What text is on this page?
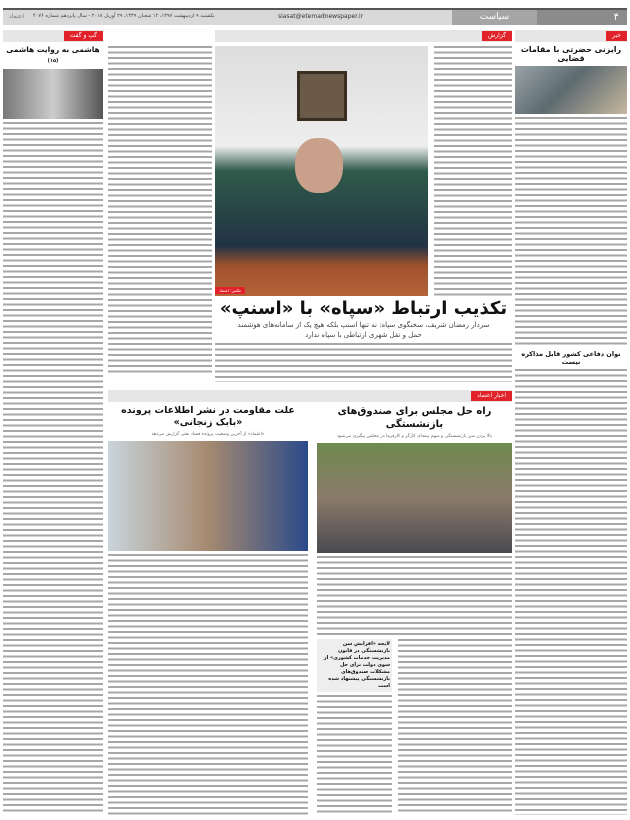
۴
سیاست
siasat@etemadnewspaper.ir
یکشنبه ۹ اردیبهشت ۱۳۹۷، ۱۲ شعبان ۱۴۳۹، ۲۹ آوریل ۲۰۱۸ - سال پانزدهم شماره ۴۰۷۶
اعتماد
خبر
رایزنی حضرتی با مقامات قضایی
توان دفاعی کشور قابل مذاکره نیست
گزارش
عکس: اعتماد
تکذیب ارتباط «سپاه» با «اسنپ»
سردار رمضان شریف، سخنگوی سپاه: نه تنها اسنپ بلکه هیچ یک از سامانه‌های هوشمند حمل و نقل شهری ارتباطی با سپاه ندارد
گپ و گفت
هاشمی به روایت هاشمی (۱۵)
اخبار اعتماد
راه حل مجلس برای صندوق‌های بازنشستگی
بالا بردن سن بازنشستگی و سهم بیمه‌ای کارگر و کارفرما در مجلس پیگیری می‌شود
لایحه «افزایش سن بازنشستگی در قانون مدیریت خدمات کشوری» از سوی دولت برای حل مشکلات صندوق‌های بازنشستگی پیشنهاد شده است
علت مقاومت در نشر اطلاعات پرونده «بابک زنجانی»
«اعتماد» از آخرین وضعیت پرونده فساد نفتی گزارش می‌دهد
